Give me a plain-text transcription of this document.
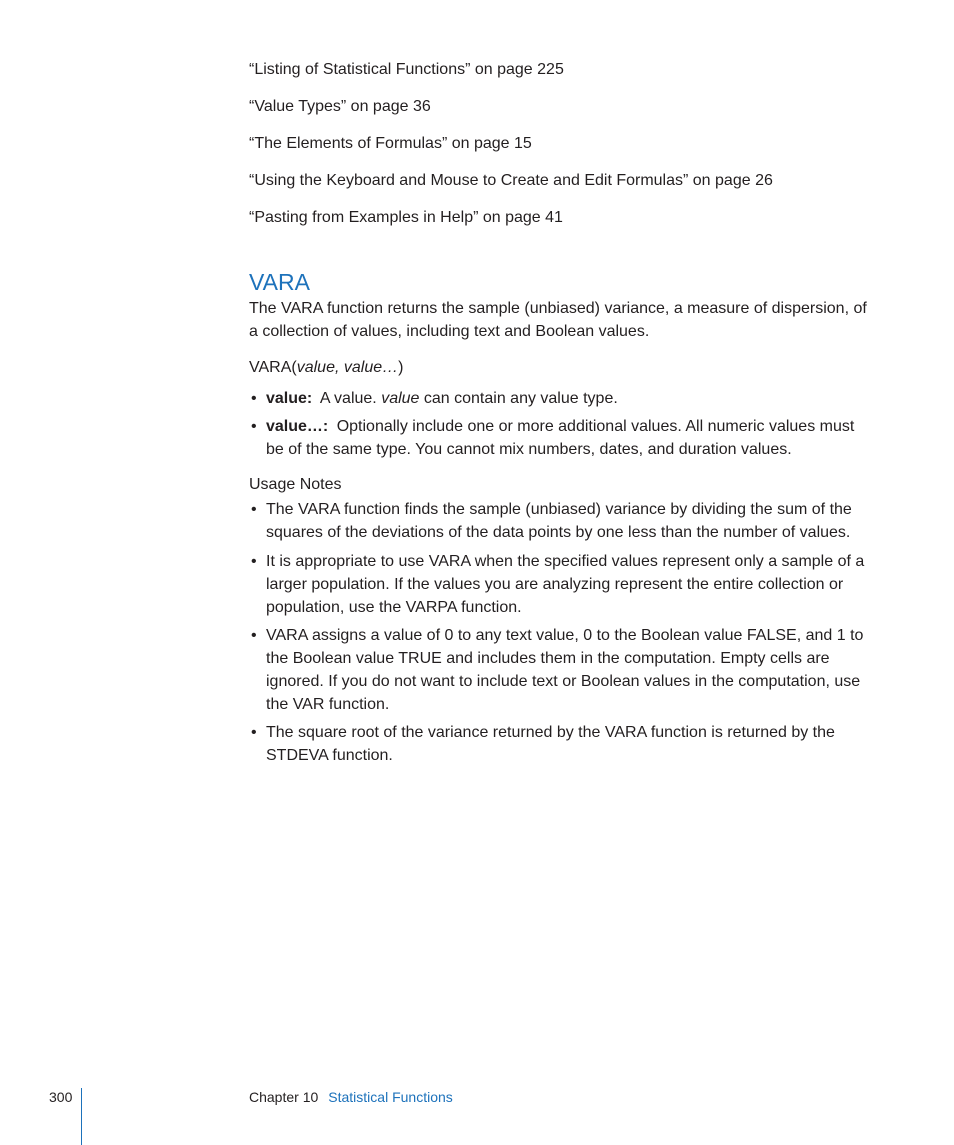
“Listing of Statistical Functions” on page 225

“Value Types” on page 36

“The Elements of Formulas” on page 15

“Using the Keyboard and Mouse to Create and Edit Formulas” on page 26

“Pasting from Examples in Help” on page 41

VARA

The VARA function returns the sample (unbiased) variance, a measure of dispersion, of a collection of values, including text and Boolean values.

VARA(value, value…)

• value: A value. value can contain any value type.
• value…: Optionally include one or more additional values. All numeric values must be of the same type. You cannot mix numbers, dates, and duration values.
Usage Notes
• The VARA function finds the sample (unbiased) variance by dividing the sum of the squares of the deviations of the data points by one less than the number of values.
• It is appropriate to use VARA when the specified values represent only a sample of a larger population. If the values you are analyzing represent the entire collection or population, use the VARPA function.
• VARA assigns a value of 0 to any text value, 0 to the Boolean value FALSE, and 1 to the Boolean value TRUE and includes them in the computation. Empty cells are ignored. If you do not want to include text or Boolean values in the computation, use the VAR function.
• The square root of the variance returned by the VARA function is returned by the STDEVA function.
300	Chapter 10 Statistical Functions
